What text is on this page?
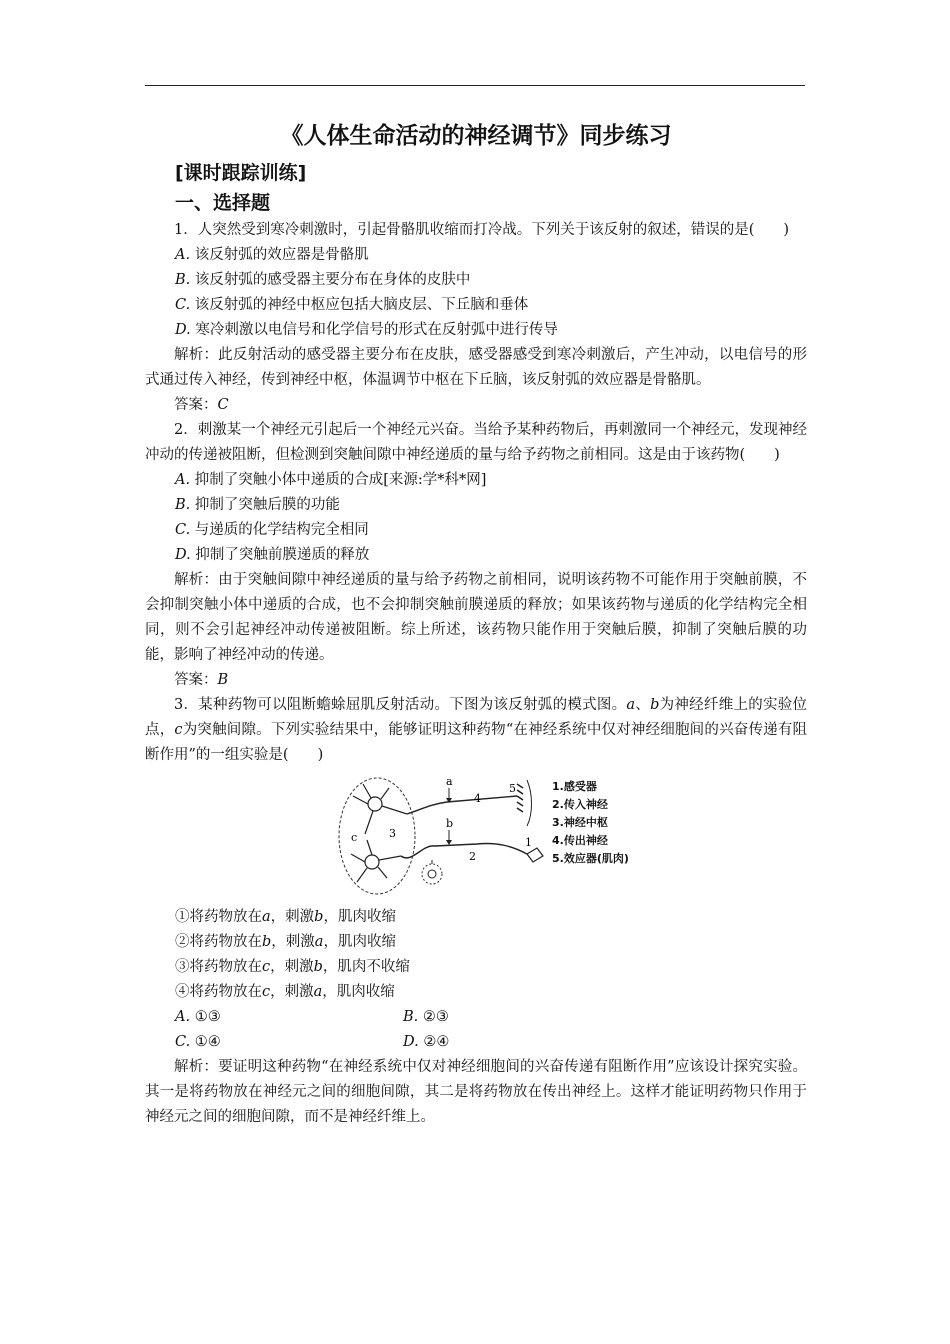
《人体生命活动的神经调节》同步练习
[课时跟踪训练]
一、选择题

1．人突然受到寒冷刺激时，引起骨骼肌收缩而打冷战。下列关于该反射的叙述，错误的是(　　)

A. 该反射弧的效应器是骨骼肌

B. 该反射弧的感受器主要分布在身体的皮肤中

C. 该反射弧的神经中枢应包括大脑皮层、下丘脑和垂体

D. 寒冷刺激以电信号和化学信号的形式在反射弧中进行传导

解析：此反射活动的感受器主要分布在皮肤，感受器感受到寒冷刺激后，产生冲动，以电信号的形式通过传入神经，传到神经中枢，体温调节中枢在下丘脑，该反射弧的效应器是骨骼肌。

答案：C

2．刺激某一个神经元引起后一个神经元兴奋。当给予某种药物后，再刺激同一个神经元，发现神经冲动的传递被阻断，但检测到突触间隙中神经递质的量与给予药物之前相同。这是由于该药物(　　)

A. 抑制了突触小体中递质的合成[来源:学*科*网]

B. 抑制了突触后膜的功能

C. 与递质的化学结构完全相同

D. 抑制了突触前膜递质的释放

解析：由于突触间隙中神经递质的量与给予药物之前相同，说明该药物不可能作用于突触前膜，不会抑制突触小体中递质的合成，也不会抑制突触前膜递质的释放；如果该药物与递质的化学结构完全相同，则不会引起神经冲动传递被阻断。综上所述，该药物只能作用于突触后膜，抑制了突触后膜的功能，影响了神经冲动的传递。

答案：B

3．某种药物可以阻断蟾蜍屈肌反射活动。下图为该反射弧的模式图。a、b为神经纤维上的实验位点，c为突触间隙。下列实验结果中，能够证明这种药物“在神经系统中仅对神经细胞间的兴奋传递有阻断作用”的一组实验是(　　)

a
b
c	3
4
5
2
1
1.感受器
2.传入神经
3.神经中枢
4.传出神经
5.效应器(肌肉)

①将药物放在a，刺激b，肌肉收缩

②将药物放在b，刺激a，肌肉收缩

③将药物放在c，刺激b，肌肉不收缩

④将药物放在c，刺激a，肌肉收缩

A. ①③	B. ②③
C. ①④	D. ②④

解析：要证明这种药物“在神经系统中仅对神经细胞间的兴奋传递有阻断作用”应该设计探究实验。其一是将药物放在神经元之间的细胞间隙，其二是将药物放在传出神经上。这样才能证明药物只作用于神经元之间的细胞间隙，而不是神经纤维上。
